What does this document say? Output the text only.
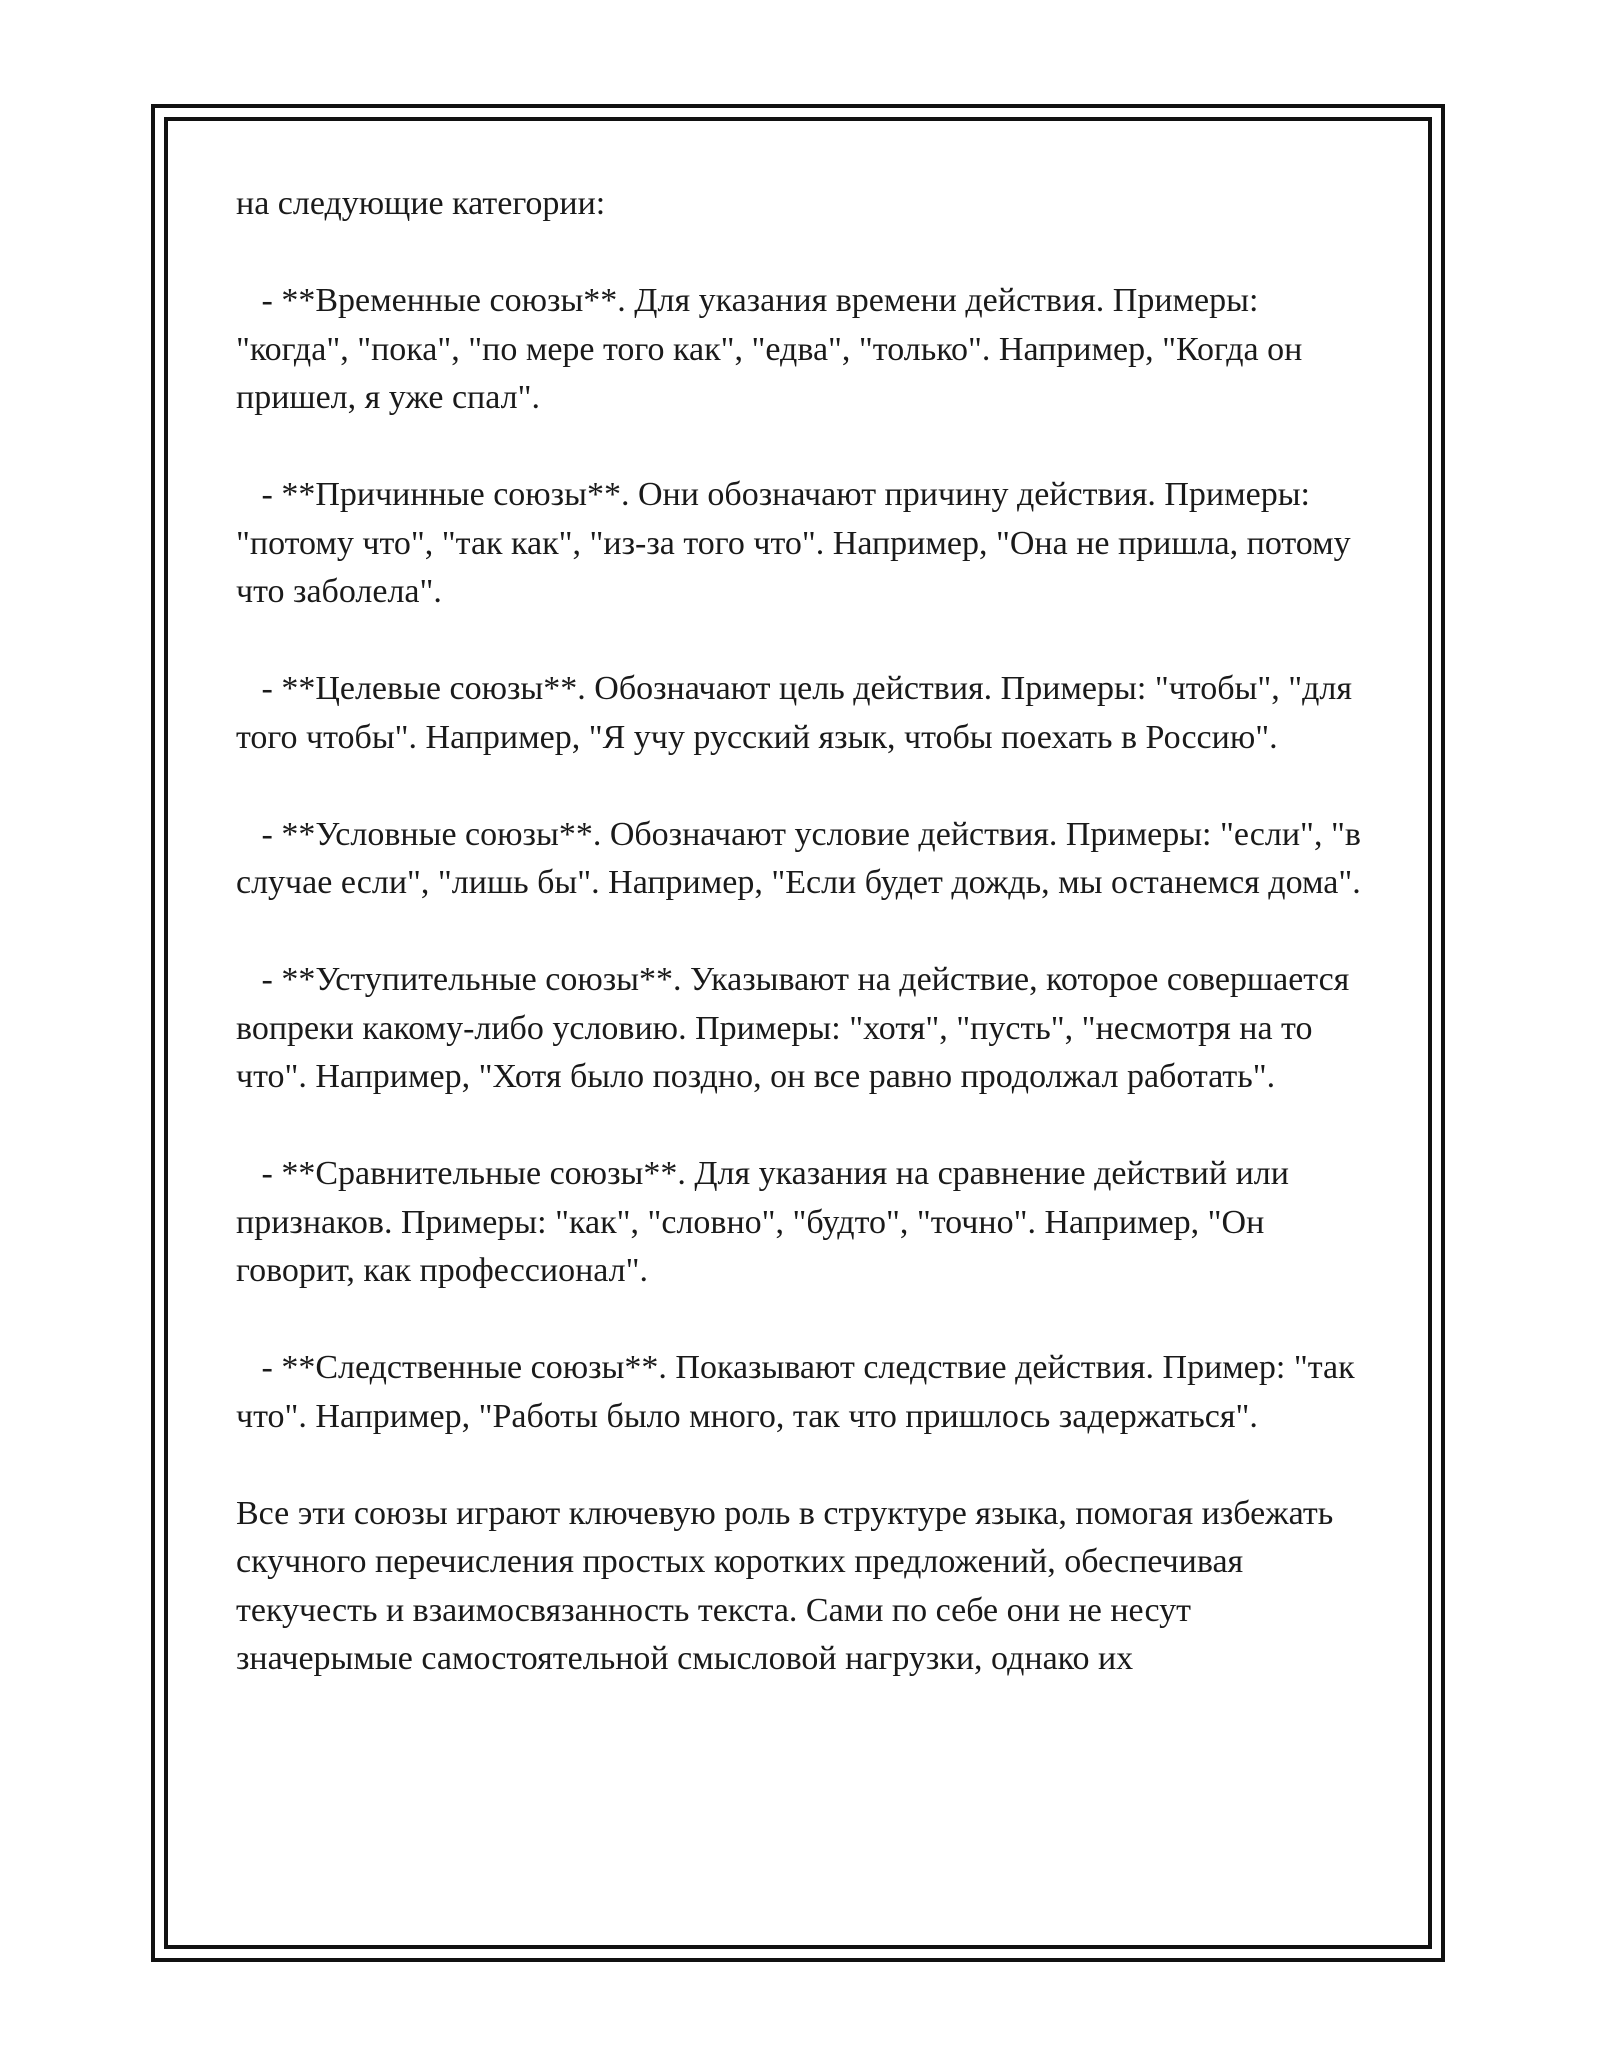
на следующие категории:

- **Временные союзы**. Для указания времени действия. Примеры: "когда", "пока", "по мере того как", "едва", "только". Например, "Когда он пришел, я уже спал".

- **Причинные союзы**. Они обозначают причину действия. Примеры: "потому что", "так как", "из-за того что". Например, "Она не пришла, потому что заболела".

- **Целевые союзы**. Обозначают цель действия. Примеры: "чтобы", "для того чтобы". Например, "Я учу русский язык, чтобы поехать в Россию".

- **Условные союзы**. Обозначают условие действия. Примеры: "если", "в случае если", "лишь бы". Например, "Если будет дождь, мы останемся дома".

- **Уступительные союзы**. Указывают на действие, которое совершается вопреки какому-либо условию. Примеры: "хотя", "пусть", "несмотря на то что". Например, "Хотя было поздно, он все равно продолжал работать".

- **Сравнительные союзы**. Для указания на сравнение действий или признаков. Примеры: "как", "словно", "будто", "точно". Например, "Он говорит, как профессионал".

- **Следственные союзы**. Показывают следствие действия. Пример: "так что". Например, "Работы было много, так что пришлось задержаться".

Все эти союзы играют ключевую роль в структуре языка, помогая избежать скучного перечисления простых коротких предложений, обеспечивая текучесть и взаимосвязанность текста. Сами по себе они не несут значерымые самостоятельной смысловой нагрузки, однако их
